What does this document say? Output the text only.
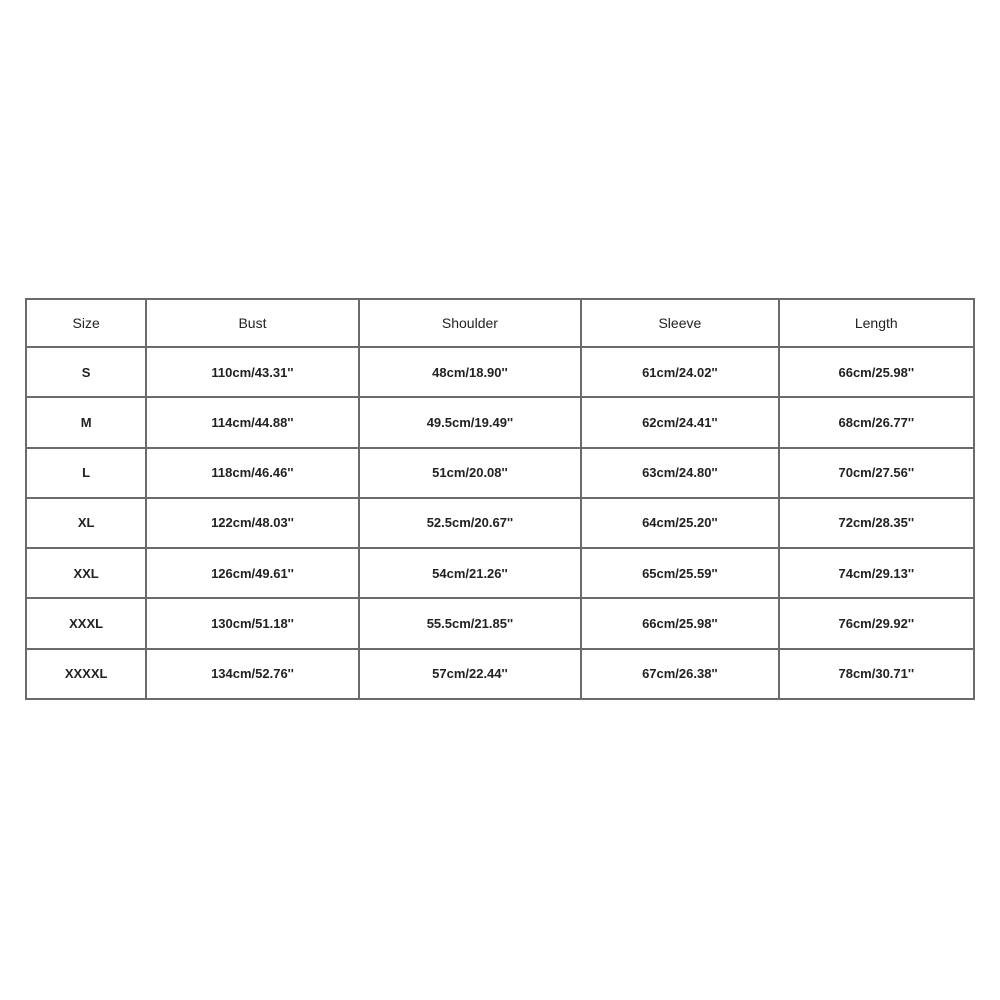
Size	Bust	Shoulder	Sleeve	Length
S	110cm/43.31''	48cm/18.90''	61cm/24.02''	66cm/25.98''
M	114cm/44.88''	49.5cm/19.49''	62cm/24.41''	68cm/26.77''
L	118cm/46.46''	51cm/20.08''	63cm/24.80''	70cm/27.56''
XL	122cm/48.03''	52.5cm/20.67''	64cm/25.20''	72cm/28.35''
XXL	126cm/49.61''	54cm/21.26''	65cm/25.59''	74cm/29.13''
XXXL	130cm/51.18''	55.5cm/21.85''	66cm/25.98''	76cm/29.92''
XXXXL	134cm/52.76''	57cm/22.44''	67cm/26.38''	78cm/30.71''
